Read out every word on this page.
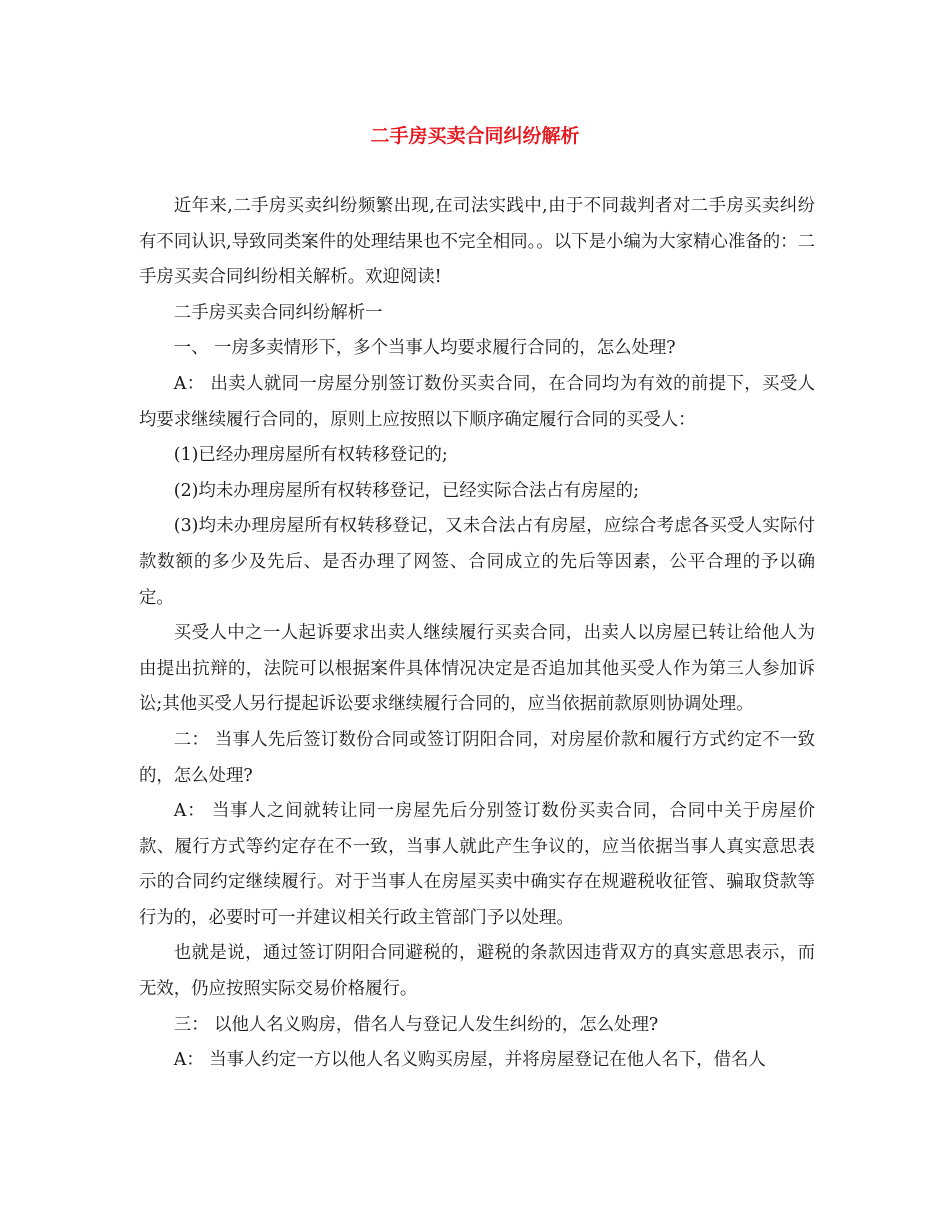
二手房买卖合同纠纷解析

近年来,二手房买卖纠纷频繁出现,在司法实践中,由于不同裁判者对二手房买卖纠纷有不同认识,导致同类案件的处理结果也不完全相同。。以下是小编为大家精心准备的：二手房买卖合同纠纷相关解析。欢迎阅读!

二手房买卖合同纠纷解析一

一、 一房多卖情形下，多个当事人均要求履行合同的，怎么处理?

A： 出卖人就同一房屋分别签订数份买卖合同，在合同均为有效的前提下，买受人均要求继续履行合同的，原则上应按照以下顺序确定履行合同的买受人：

(1)已经办理房屋所有权转移登记的;

(2)均未办理房屋所有权转移登记，已经实际合法占有房屋的;

(3)均未办理房屋所有权转移登记，又未合法占有房屋，应综合考虑各买受人实际付款数额的多少及先后、是否办理了网签、合同成立的先后等因素，公平合理的予以确定。

买受人中之一人起诉要求出卖人继续履行买卖合同，出卖人以房屋已转让给他人为由提出抗辩的，法院可以根据案件具体情况决定是否追加其他买受人作为第三人参加诉讼;其他买受人另行提起诉讼要求继续履行合同的，应当依据前款原则协调处理。

二： 当事人先后签订数份合同或签订阴阳合同，对房屋价款和履行方式约定不一致的，怎么处理?

A： 当事人之间就转让同一房屋先后分别签订数份买卖合同，合同中关于房屋价款、履行方式等约定存在不一致，当事人就此产生争议的，应当依据当事人真实意思表示的合同约定继续履行。对于当事人在房屋买卖中确实存在规避税收征管、骗取贷款等行为的，必要时可一并建议相关行政主管部门予以处理。

也就是说，通过签订阴阳合同避税的，避税的条款因违背双方的真实意思表示，而无效，仍应按照实际交易价格履行。

三： 以他人名义购房，借名人与登记人发生纠纷的，怎么处理?

A： 当事人约定一方以他人名义购买房屋，并将房屋登记在他人名下，借名人
